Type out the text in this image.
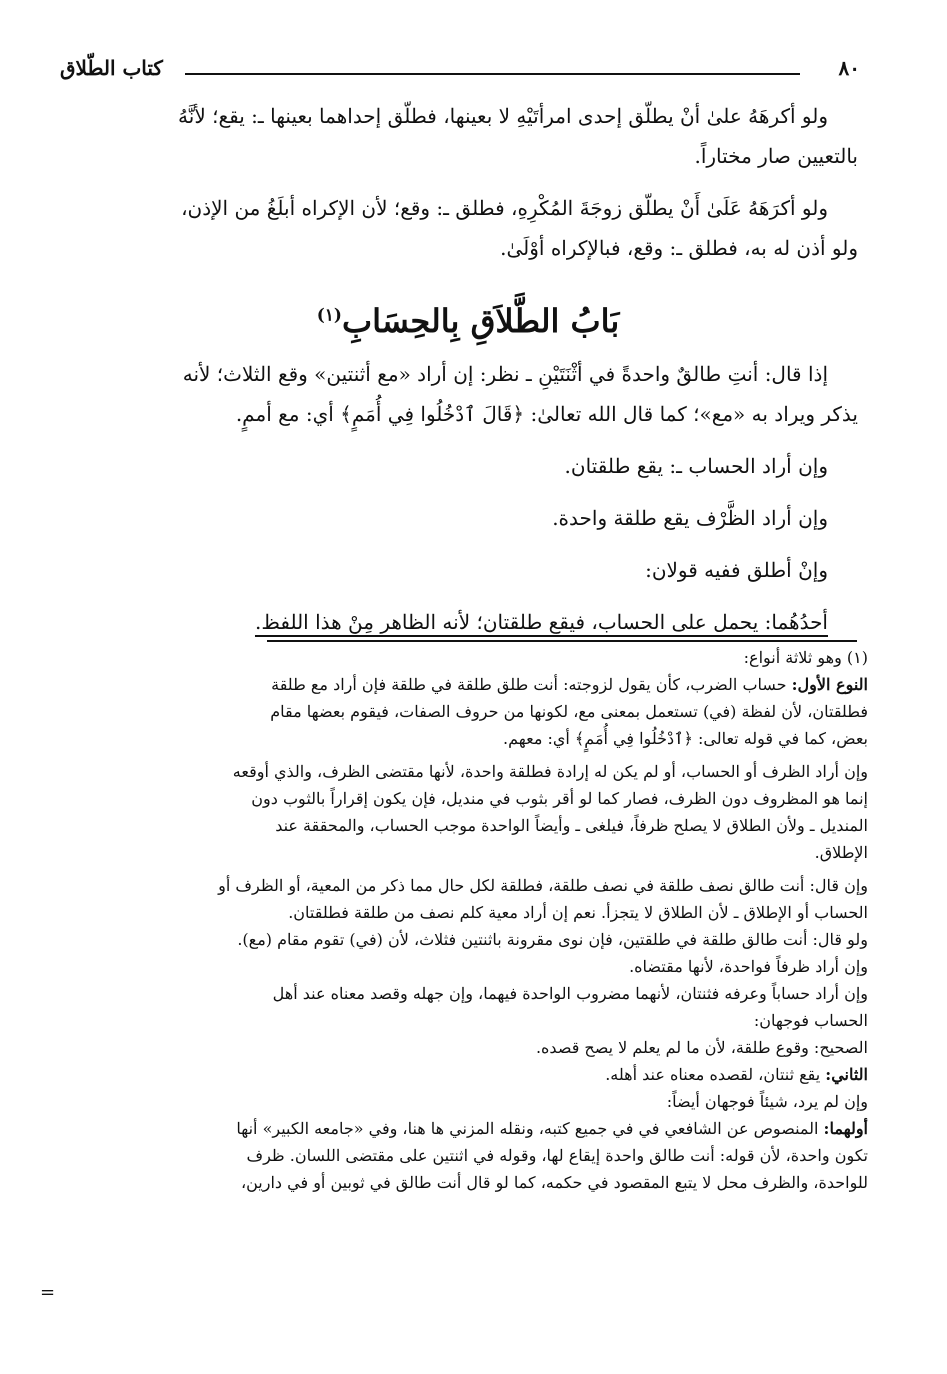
٨٠
كتاب الطّلاق
ولو أكرهَهُ علىٰ أنْ يطلّق إحدى امرأتَيْهِ لا بعينها، فطلّق إحداهما بعينها ـ: يقع؛ لأنَّهُ
بالتعيين صار مختاراً.
ولو أكرَهَهُ عَلَىٰ أَنْ يطلّق زوجَةَ المُكْرِهِ، فطلق ـ: وقع؛ لأن الإكراه أبلَغُ من الإذن،
ولو أذن له به، فطلق ـ: وقع، فبالإكراه أوْلَىٰ.
بَابُ الطَّلاَقِ بِالحِسَابِ$^{(١)}$
إذا قال: أنتِ طالقٌ واحدةً في أثْنَتَيْنِ ـ نظر: إن أراد «مع أثنتين» وقع الثلاث؛ لأنه
يذكر ويراد به «مع»؛ كما قال الله تعالىٰ: ﴿قَالَ ٱدْخُلُوا فِي أُمَمٍ﴾ أي: مع أممٍ.
وإن أراد الحساب ـ: يقع طلقتان.
وإن أراد الظَّرْف يقع طلقة واحدة.
وإنْ أطلق ففيه قولان:
أحدُهُما: يحمل على الحساب، فيقع طلقتان؛ لأنه الظاهر مِنْ هذا اللفظ.
(١) وهو ثلاثة أنواع:
النوع الأول: حساب الضرب، كأن يقول لزوجته: أنت طلق طلقة في طلقة فإن أراد مع طلقة
فطلقتان، لأن لفظة (في) تستعمل بمعنى مع، لكونها من حروف الصفات، فيقوم بعضها مقام
بعض، كما في قوله تعالى: ﴿ٱدْخُلُوا فِي أُمَمٍ﴾ أي: معهم.
وإن أراد الظرف أو الحساب، أو لم يكن له إرادة فطلقة واحدة، لأنها مقتضى الظرف، والذي أوقعه
إنما هو المظروف دون الظرف، فصار كما لو أقر بثوب في منديل، فإن يكون إقراراً بالثوب دون
المنديل ـ ولأن الطلاق لا يصلح ظرفاً، فيلغى ـ وأيضاً الواحدة موجب الحساب، والمحققة عند
الإطلاق.
وإن قال: أنت طالق نصف طلقة في نصف طلقة، فطلقة لكل حال مما ذكر من المعية، أو الظرف أو
الحساب أو الإطلاق ـ لأن الطلاق لا يتجزأ. نعم إن أراد معية كلم نصف من طلقة فطلقتان.
ولو قال: أنت طالق طلقة في طلقتين، فإن نوى مقرونة باثنتين فثلاث، لأن (في) تقوم مقام (مع).
وإن أراد ظرفاً فواحدة، لأنها مقتضاه.
وإن أراد حساباً وعرفه فثنتان، لأنهما مضروب الواحدة فيهما، وإن جهله وقصد معناه عند أهل
الحساب فوجهان:
الصحيح: وقوع طلقة، لأن ما لم يعلم لا يصح قصده.
الثاني: يقع ثنتان، لقصده معناه عند أهله.
وإن لم يرد، شيئاً فوجهان أيضاً:
أولهما: المنصوص عن الشافعي في في جميع كتبه، ونقله المزني ها هنا، وفي «جامعه الكبير» أنها
تكون واحدة، لأن قوله: أنت طالق واحدة إيقاع لها، وقوله في اثنتين على مقتضى اللسان. ظرف
للواحدة، والظرف محل لا يتبع المقصود في حكمه، كما لو قال أنت طالق في ثوبين أو في دارين،
=
